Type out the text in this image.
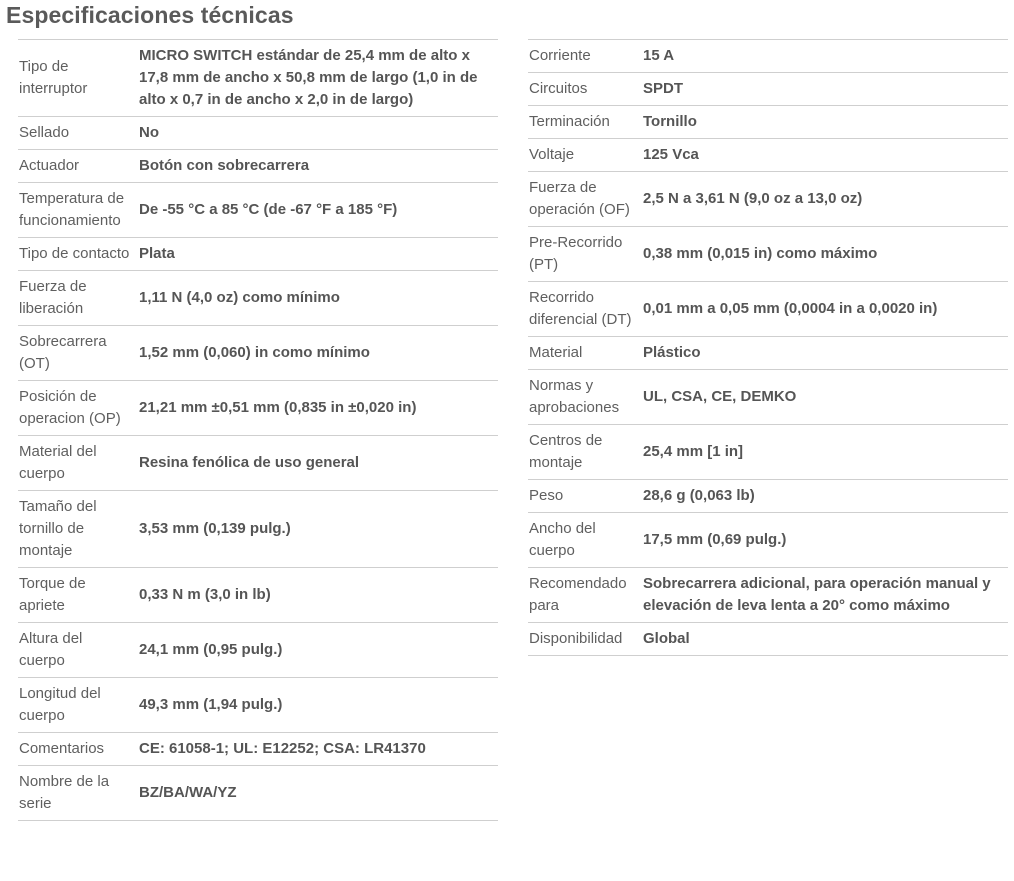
Especificaciones técnicas
Tipo de interruptor	MICRO SWITCH estándar de 25,4 mm de alto x 17,8 mm de ancho x 50,8 mm de largo (1,0 in de alto x 0,7 in de ancho x 2,0 in de largo)
Sellado	No
Actuador	Botón con sobrecarrera
Temperatura de funcionamiento	De -55 °C a 85 °C (de -67 °F a 185 °F)
Tipo de contacto	Plata
Fuerza de liberación	1,11 N (4,0 oz) como mínimo
Sobrecarrera (OT)	1,52 mm (0,060) in como mínimo
Posición de operacion (OP)	21,21 mm ±0,51 mm (0,835 in ±0,020 in)
Material del cuerpo	Resina fenólica de uso general
Tamaño del tornillo de montaje	3,53 mm (0,139 pulg.)
Torque de apriete	0,33 N m (3,0 in lb)
Altura del cuerpo	24,1 mm (0,95 pulg.)
Longitud del cuerpo	49,3 mm (1,94 pulg.)
Comentarios	CE: 61058-1; UL: E12252; CSA: LR41370
Nombre de la serie	BZ/BA/WA/YZ
Corriente	15 A
Circuitos	SPDT
Terminación	Tornillo
Voltaje	125 Vca
Fuerza de operación (OF)	2,5 N a 3,61 N (9,0 oz a 13,0 oz)
Pre-Recorrido (PT)	0,38 mm (0,015 in) como máximo
Recorrido diferencial (DT)	0,01 mm a 0,05 mm (0,0004 in a 0,0020 in)
Material	Plástico
Normas y aprobaciones	UL, CSA, CE, DEMKO
Centros de montaje	25,4 mm [1 in]
Peso	28,6 g (0,063 lb)
Ancho del cuerpo	17,5 mm (0,69 pulg.)
Recomendado para	Sobrecarrera adicional, para operación manual y elevación de leva lenta a 20° como máximo
Disponibilidad	Global
